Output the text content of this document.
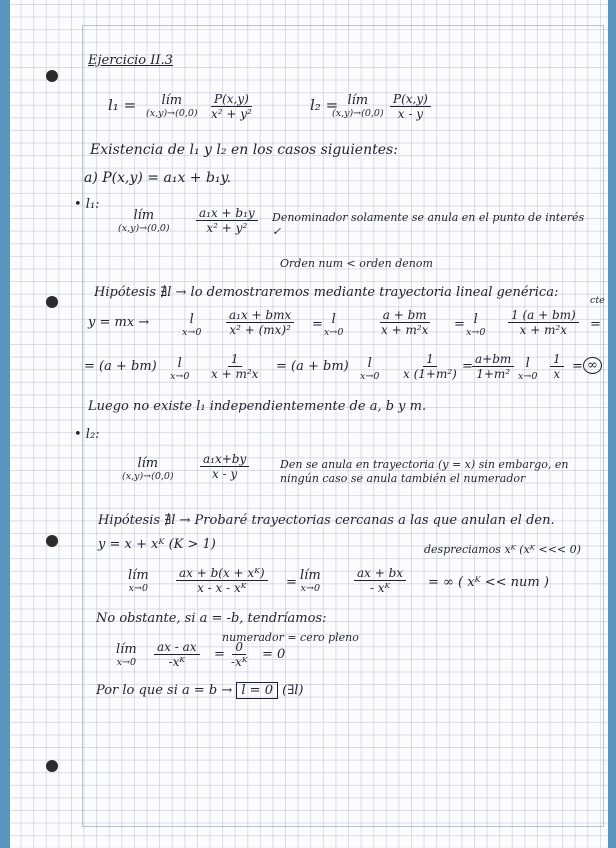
Ejercicio II.3
l₁ = lím
$(x,y)\to(0,0) \frac{P(x,y)}{\text{x² + y²}}$	l₂ = lím
$(x,y)\to(0,0) \frac{P(x,y)}{x - y}$
Existencia de l₁ y l₂ en los casos siguientes:
a) P(x,y) = a₁x + b₁y.
• l₁:
lím
$(x,y)\to(0,0) \frac{\text{a₁x + b₁y}}{\text{x² + y²}}$ Denominador solamente se anula en el punto de interés ✓
Orden num < orden denom
Hipótesis ∄l → lo demostraremos mediante trayectoria lineal genérica:
cte
y = mx →	l
x→0
a₁x + bmx
x² + (mx)² = l
x→0	$\frac{a + bm}{\text{x + m²x}} = l$
$x\to 0 \frac{1 (a + bm)}{\text{x + m²x}}$ =
= (a + bm) l
$x\to 0 \frac{1}{\text{x + m²x}} = (a + bm)$ l
$x\to 0 \frac{1}{\text{x (1+m²)}} = \frac{a+bm}{\text{1+m²}}$ l
$x\to 0 \frac{1}{x}$ = ∞
Luego no existe l₁ independientemente de a, b y m.
• l₂:
lím
$(x,y)\to(0,0) \frac{\text{a₁x+by}}{x - y}$	Den se anula en trayectoria (y = x) sin embargo, en ningún caso se anula también el numerador
Hipótesis ∄l → Probaré trayectorias cercanas a las que anulan el den.
y = x + xᴷ (K > 1)	despreciamos xᴷ (xᴷ <<< 0)
lím
$x\to 0 \frac{\text{ax + b(x + xᴷ)}}{\text{x - x - xᴷ}}$ = lím
x→0	$\frac{ax + bx}{\text{- xᴷ}}$ = ∞ ( xᴷ << num )
No obstante, si a = -b, tendríamos:
numerador = cero pleno
lím
$x\to 0 \frac{ax - ax}{\text{-xᴷ}} = \frac{0}{\text{-xᴷ}} = 0$
Por lo que si a = b → l = 0 (∃l)
